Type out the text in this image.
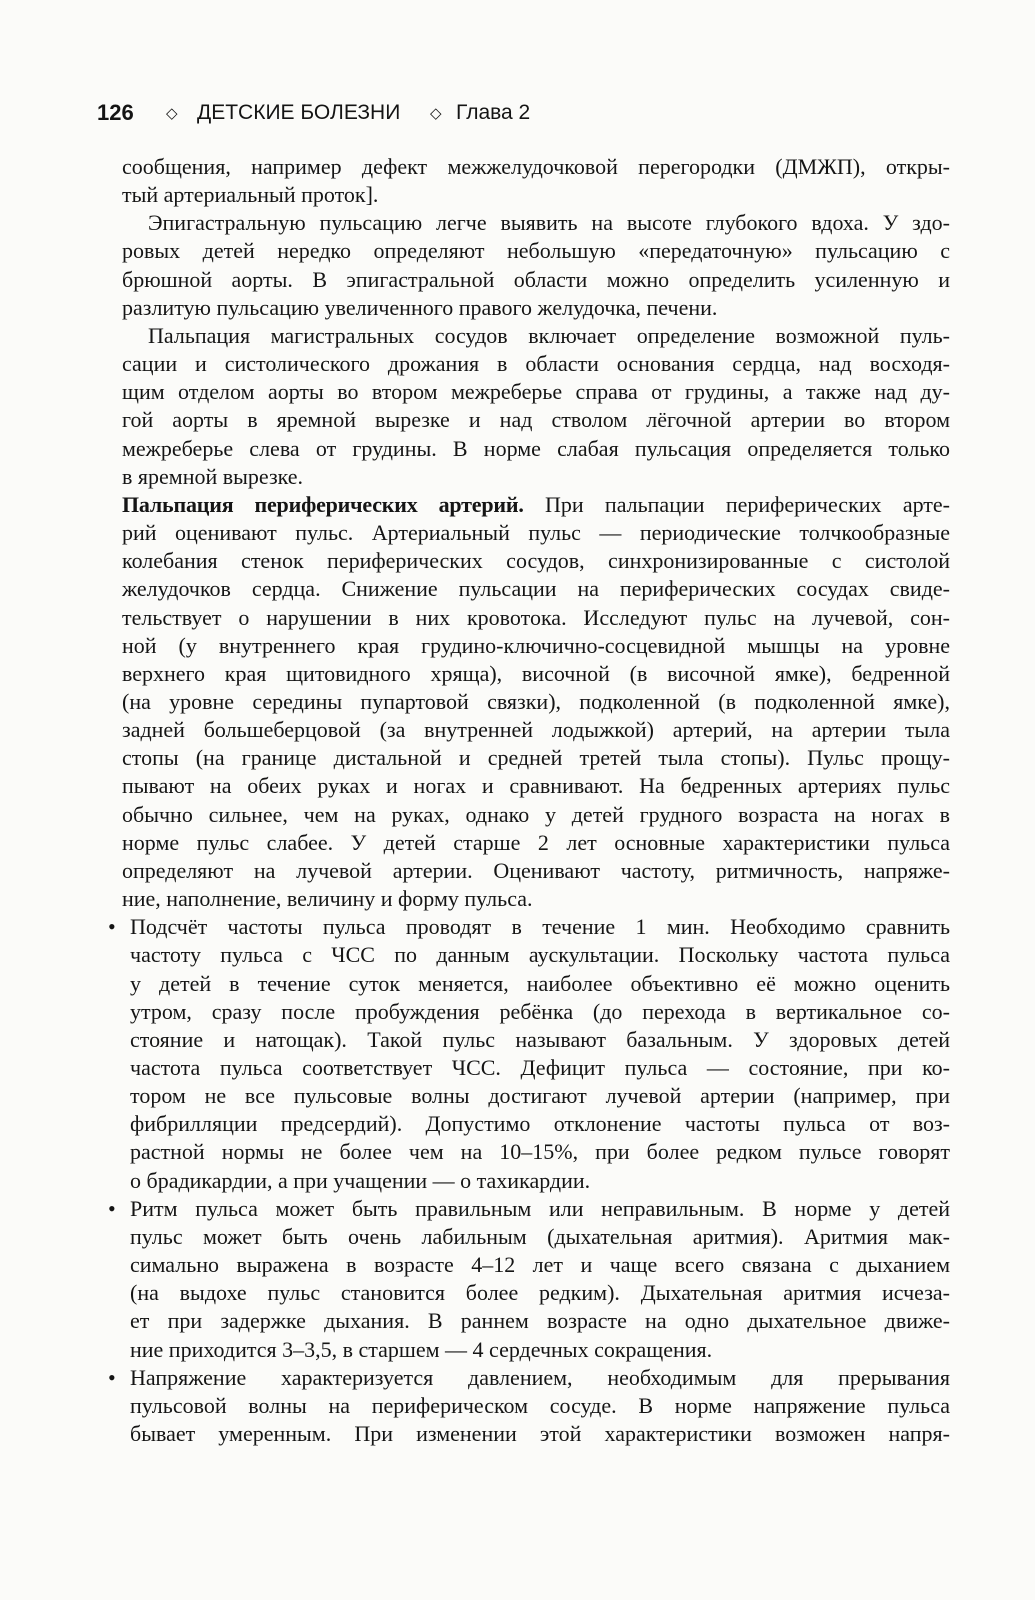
126 ◇ ДЕТСКИЕ БОЛЕЗНИ ◇ Глава 2
сообщения, например дефект межжелудочковой перегородки (ДМЖП), откры-
тый артериальный проток].
Эпигастральную пульсацию легче выявить на высоте глубокого вдоха. У здо-
ровых детей нередко определяют небольшую «передаточную» пульсацию с
брюшной аорты. В эпигастральной области можно определить усиленную и
разлитую пульсацию увеличенного правого желудочка, печени.
Пальпация магистральных сосудов включает определение возможной пуль-
сации и систолического дрожания в области основания сердца, над восходя-
щим отделом аорты во втором межреберье справа от грудины, а также над ду-
гой аорты в яремной вырезке и над стволом лёгочной артерии во втором
межреберье слева от грудины. В норме слабая пульсация определяется только
в яремной вырезке.
Пальпация периферических артерий. При пальпации периферических арте-
рий оценивают пульс. Артериальный пульс — периодические толчкообразные
колебания стенок периферических сосудов, синхронизированные с систолой
желудочков сердца. Снижение пульсации на периферических сосудах свиде-
тельствует о нарушении в них кровотока. Исследуют пульс на лучевой, сон-
ной (у внутреннего края грудино-ключично-сосцевидной мышцы на уровне
верхнего края щитовидного хряща), височной (в височной ямке), бедренной
(на уровне середины пупартовой связки), подколенной (в подколенной ямке),
задней большеберцовой (за внутренней лодыжкой) артерий, на артерии тыла
стопы (на границе дистальной и средней третей тыла стопы). Пульс прощу-
пывают на обеих руках и ногах и сравнивают. На бедренных артериях пульс
обычно сильнее, чем на руках, однако у детей грудного возраста на ногах в
норме пульс слабее. У детей старше 2 лет основные характеристики пульса
определяют на лучевой артерии. Оценивают частоту, ритмичность, напряже-
ние, наполнение, величину и форму пульса.
• Подсчёт частоты пульса проводят в течение 1 мин. Необходимо сравнить
частоту пульса с ЧСС по данным аускультации. Поскольку частота пульса
у детей в течение суток меняется, наиболее объективно её можно оценить
утром, сразу после пробуждения ребёнка (до перехода в вертикальное со-
стояние и натощак). Такой пульс называют базальным. У здоровых детей
частота пульса соответствует ЧСС. Дефицит пульса — состояние, при ко-
тором не все пульсовые волны достигают лучевой артерии (например, при
фибрилляции предсердий). Допустимо отклонение частоты пульса от воз-
растной нормы не более чем на 10–15%, при более редком пульсе говорят
о брадикардии, а при учащении — о тахикардии.
• Ритм пульса может быть правильным или неправильным. В норме у детей
пульс может быть очень лабильным (дыхательная аритмия). Аритмия мак-
симально выражена в возрасте 4–12 лет и чаще всего связана с дыханием
(на выдохе пульс становится более редким). Дыхательная аритмия исчеза-
ет при задержке дыхания. В раннем возрасте на одно дыхательное движе-
ние приходится 3–3,5, в старшем — 4 сердечных сокращения.
• Напряжение характеризуется давлением, необходимым для прерывания
пульсовой волны на периферическом сосуде. В норме напряжение пульса
бывает умеренным. При изменении этой характеристики возможен напря-
